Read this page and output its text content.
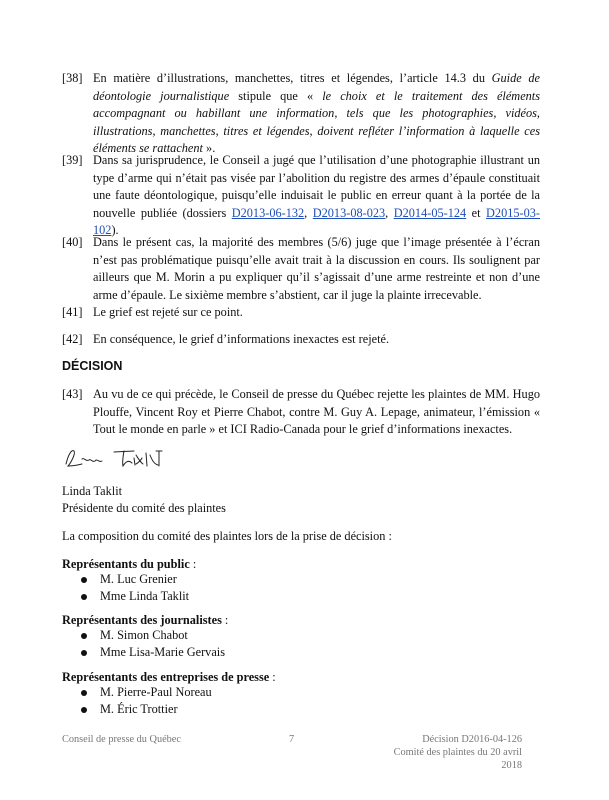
[38] En matière d’illustrations, manchettes, titres et légendes, l’article 14.3 du Guide de déontologie journalistique stipule que « le choix et le traitement des éléments accompagnant ou habillant une information, tels que les photographies, vidéos, illustrations, manchettes, titres et légendes, doivent refléter l’information à laquelle ces éléments se rattachent ».
[39] Dans sa jurisprudence, le Conseil a jugé que l’utilisation d’une photographie illustrant un type d’arme qui n’était pas visée par l’abolition du registre des armes d’épaule constituait une faute déontologique, puisqu’elle induisait le public en erreur quant à la portée de la nouvelle publiée (dossiers D2013-06-132, D2013-08-023, D2014-05-124 et D2015-03-102).
[40] Dans le présent cas, la majorité des membres (5/6) juge que l’image présentée à l’écran n’est pas problématique puisqu’elle avait trait à la discussion en cours. Ils soulignent par ailleurs que M. Morin a pu expliquer qu’il s’agissait d’une arme restreinte et non d’une arme d’épaule. Le sixième membre s’abstient, car il juge la plainte irrecevable.
[41] Le grief est rejeté sur ce point.
[42] En conséquence, le grief d’informations inexactes est rejeté.
DÉCISION
[43] Au vu de ce qui précède, le Conseil de presse du Québec rejette les plaintes de MM. Hugo Plouffe, Vincent Roy et Pierre Chabot, contre M. Guy A. Lepage, animateur, l’émission « Tout le monde en parle » et ICI Radio-Canada pour le grief d’informations inexactes.
Linda Taklit
Présidente du comité des plaintes
La composition du comité des plaintes lors de la prise de décision :
Représentants du public :
M. Luc Grenier
Mme Linda Taklit
Représentants des journalistes :
M. Simon Chabot
Mme Lisa-Marie Gervais
Représentants des entreprises de presse :
M. Pierre-Paul Noreau
M. Éric Trottier
Conseil de presse du Québec	7	Décision D2016-04-126
Comité des plaintes du 20 avril 2018
